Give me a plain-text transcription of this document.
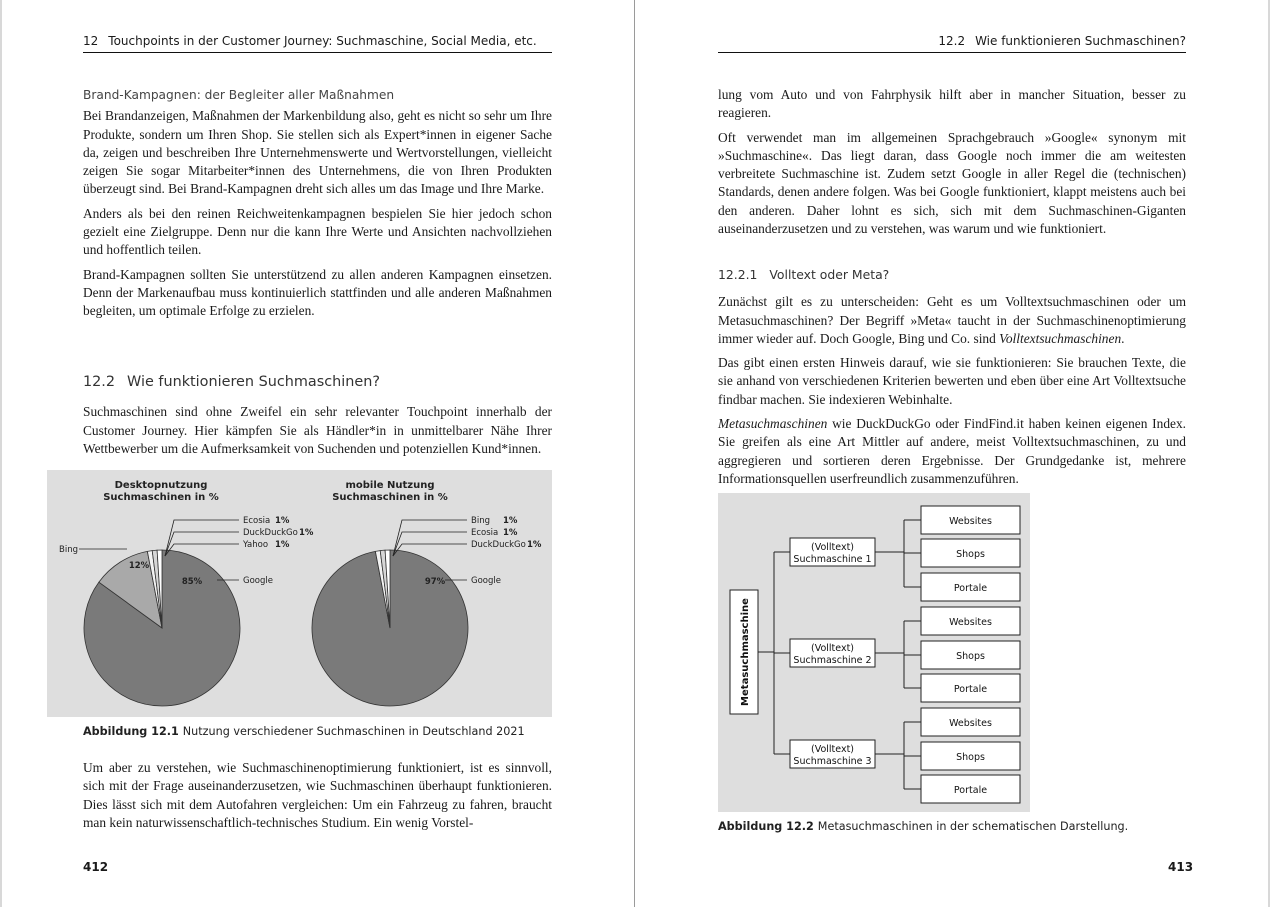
12 Touchpoints in der Customer Journey: Suchmaschine, Social Media, etc.
Brand-Kampagnen: der Begleiter aller Maßnahmen

Bei Brandanzeigen, Maßnahmen der Markenbildung also, geht es nicht so sehr um Ihre Produkte, sondern um Ihren Shop. Sie stellen sich als Expert*innen in eigener Sache da, zeigen und beschreiben Ihre Unternehmenswerte und Wertvorstellungen, vielleicht zeigen Sie sogar Mitarbeiter*innen des Unternehmens, die von Ihren Produkten überzeugt sind. Bei Brand-Kampagnen dreht sich alles um das Image und Ihre Marke.

Anders als bei den reinen Reichweitenkampagnen bespielen Sie hier jedoch schon gezielt eine Zielgruppe. Denn nur die kann Ihre Werte und Ansichten nachvollziehen und hoffentlich teilen.

Brand-Kampagnen sollten Sie unterstützend zu allen anderen Kampagnen einsetzen. Denn der Markenaufbau muss kontinuierlich stattfinden und alle anderen Maßnahmen begleiten, um optimale Erfolge zu erzielen.

12.2 Wie funktionieren Suchmaschinen?

Suchmaschinen sind ohne Zweifel ein sehr relevanter Touchpoint innerhalb der Customer Journey. Hier kämpfen Sie als Händler*in in unmittelbarer Nähe Ihrer Wettbewerber um die Aufmerksamkeit von Suchenden und potenziellen Kund*innen.

Desktopnutzung
Suchmaschinen in %
mobile Nutzung
Suchmaschinen in %
85%	Google
Ecosia 1%
DuckDuckGo 1%
Yahoo 1%
Bing
12%
97%	Google
Bing 1%
Ecosia 1%
DuckDuckGo 1%
Abbildung 12.1 Nutzung verschiedener Suchmaschinen in Deutschland 2021

Um aber zu verstehen, wie Suchmaschinenoptimierung funktioniert, ist es sinnvoll, sich mit der Frage auseinanderzusetzen, wie Suchmaschinen überhaupt funktionieren. Dies lässt sich mit dem Autofahren vergleichen: Um ein Fahrzeug zu fahren, braucht man kein naturwissenschaftlich-technisches Studium. Ein wenig Vorstel-

412
12.2 Wie funktionieren Suchmaschinen?

lung vom Auto und von Fahrphysik hilft aber in mancher Situation, besser zu reagieren.

Oft verwendet man im allgemeinen Sprachgebrauch »Google« synonym mit »Suchmaschine«. Das liegt daran, dass Google noch immer die am weitesten verbreitete Suchmaschine ist. Zudem setzt Google in aller Regel die (technischen) Standards, denen andere folgen. Was bei Google funktioniert, klappt meistens auch bei den anderen. Daher lohnt es sich, sich mit dem Suchmaschinen-Giganten auseinanderzusetzen und zu verstehen, was warum und wie funktioniert.

12.2.1 Volltext oder Meta?

Zunächst gilt es zu unterscheiden: Geht es um Volltextsuchmaschinen oder um Metasuchmaschinen? Der Begriff »Meta« taucht in der Suchmaschinenoptimierung immer wieder auf. Doch Google, Bing und Co. sind Volltextsuchmaschinen.

Das gibt einen ersten Hinweis darauf, wie sie funktionieren: Sie brauchen Texte, die sie anhand von verschiedenen Kriterien bewerten und eben über eine Art Volltextsuche findbar machen. Sie indexieren Webinhalte.

Metasuchmaschinen wie DuckDuckGo oder FindFind.it haben keinen eigenen Index. Sie greifen als eine Art Mittler auf andere, meist Volltextsuchmaschinen, zu und aggregieren und sortieren deren Ergebnisse. Der Grundgedanke ist, mehrere Informationsquellen userfreundlich zusammenzuführen.

Metasuchmaschine
(Volltext)
Suchmaschine 1
Websites
Shops
Portale
(Volltext)
Suchmaschine 2
Websites
Shops
Portale
(Volltext)
Suchmaschine 3
Websites
Shops
Portale
Abbildung 12.2 Metasuchmaschinen in der schematischen Darstellung.
413
